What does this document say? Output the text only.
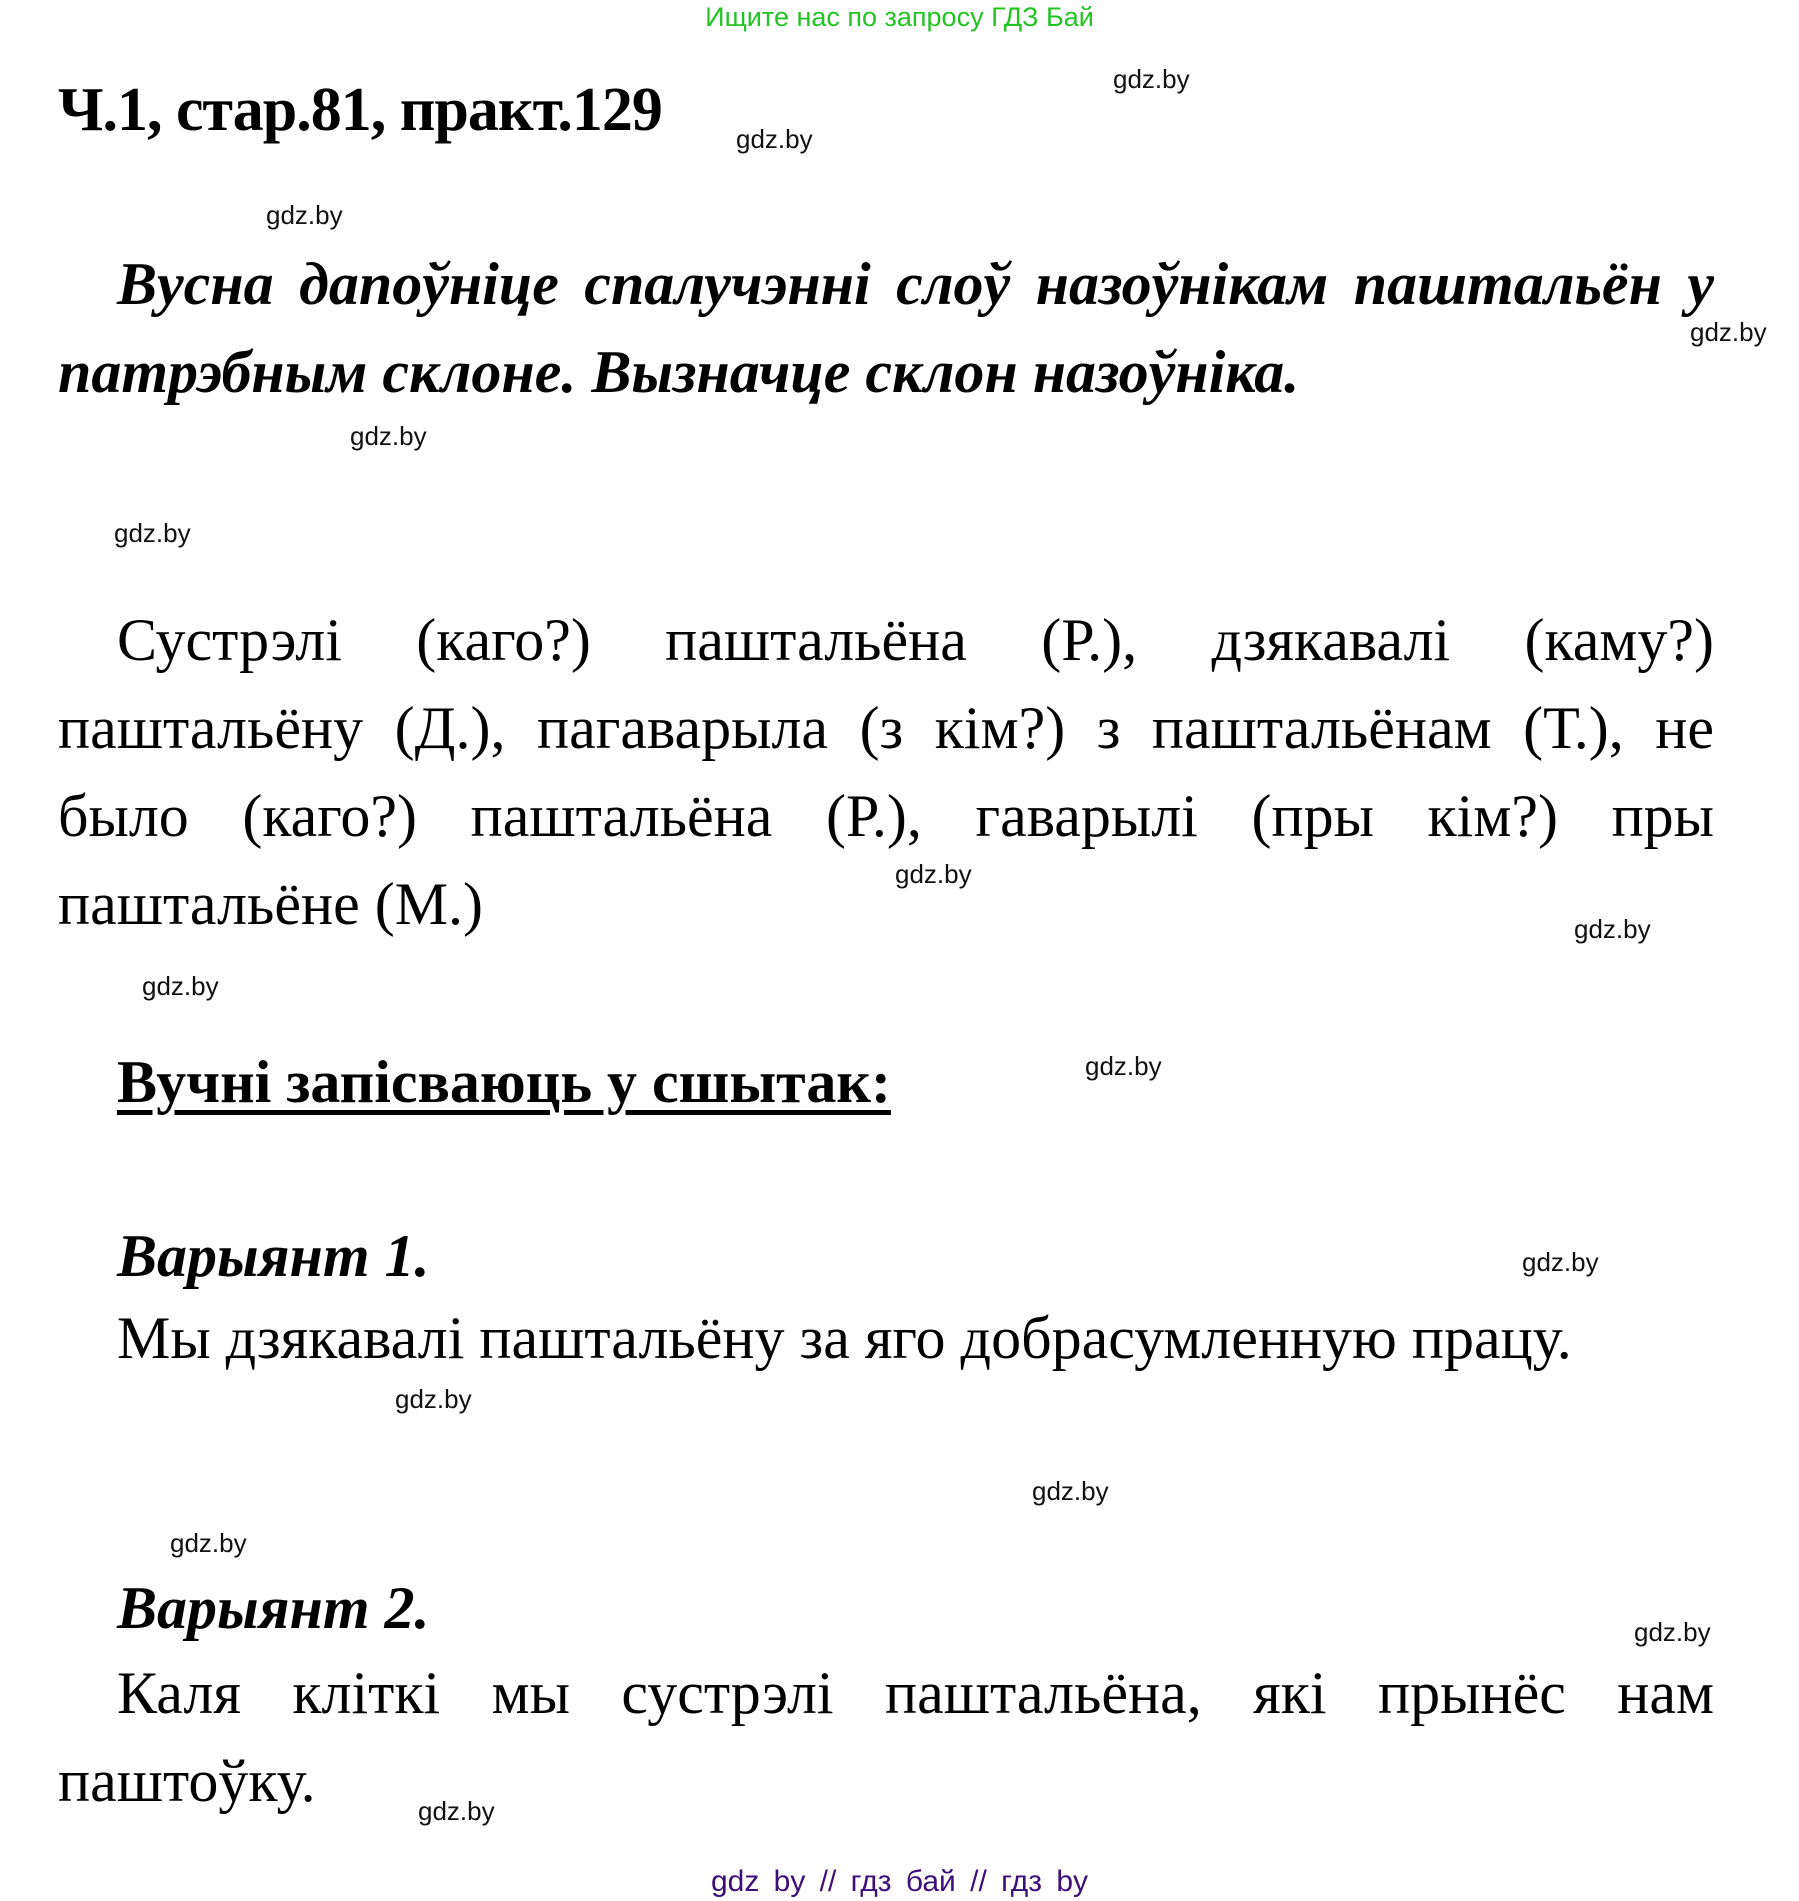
Ищите нас по запросу ГДЗ Бай
Ч.1, стар.81, практ.129
Вусна дапоўніце спалучэнні слоў назоўнікам паштальён у патрэбным склоне. Вызначце склон назоўніка.
Сустрэлі (каго?) паштальёна (Р.), дзякавалі (каму?) паштальёну (Д.), пагаварыла (з кім?) з паштальёнам (Т.), не было (каго?) паштальёна (Р.), гаварылі (пры кім?) пры паштальёне (М.)
Вучні запісваюць у сшытак:
Варыянт 1.
Мы дзякавалі паштальёну за яго добрасумленную працу.
Варыянт 2.
Каля кліткі мы сустрэлі паштальёна, які прынёс нам паштоўку.
gdz.by
gdz.by
gdz.by
gdz.by
gdz.by
gdz.by
gdz.by
gdz.by
gdz.by
gdz.by
gdz.by
gdz.by
gdz.by
gdz.by
gdz.by
gdz.by
gdz by // гдз бай // гдз by
